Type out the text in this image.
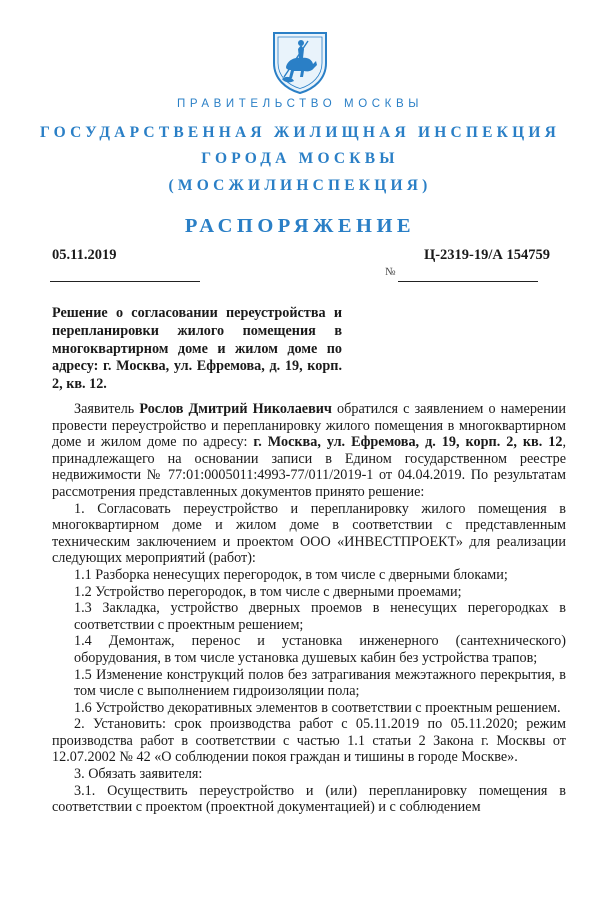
ПРАВИТЕЛЬСТВО МОСКВЫ
ГОСУДАРСТВЕННАЯ ЖИЛИЩНАЯ ИНСПЕКЦИЯ
ГОРОДА МОСКВЫ
(МОСЖИЛИНСПЕКЦИЯ)
РАСПОРЯЖЕНИЕ
05.11.2019	Ц-2319-19/А 154759
№
Решение о согласовании переустройства и перепланировки жилого помещения в многоквартирном доме и жилом доме по адресу: г. Москва, ул. Ефремова, д. 19, корп. 2, кв. 12.

Заявитель Рослов Дмитрий Николаевич обратился с заявлением о намерении провести переустройство и перепланировку жилого помещения в многоквартирном доме и жилом доме по адресу: г. Москва, ул. Ефремова, д. 19, корп. 2, кв. 12, принадлежащего на основании записи в Едином государственном реестре недвижимости № 77:01:0005011:4993-77/011/2019-1 от 04.04.2019. По результатам рассмотрения представленных документов принято решение:

1. Согласовать переустройство и перепланировку жилого помещения в многоквартирном доме и жилом доме в соответствии с представленным техническим заключением и проектом ООО «ИНВЕСТПРОЕКТ» для реализации следующих мероприятий (работ):

1.1 Разборка ненесущих перегородок, в том числе с дверными блоками;

1.2 Устройство перегородок, в том числе с дверными проемами;

1.3 Закладка, устройство дверных проемов в ненесущих перегородках в соответствии с проектным решением;

1.4 Демонтаж, перенос и установка инженерного (сантехнического) оборудования, в том числе установка душевых кабин без устройства трапов;

1.5 Изменение конструкций полов без затрагивания межэтажного перекрытия, в том числе с выполнением гидроизоляции пола;

1.6 Устройство декоративных элементов в соответствии с проектным решением.

2. Установить: срок производства работ с 05.11.2019 по 05.11.2020; режим производства работ в соответствии с частью 1.1 статьи 2 Закона г. Москвы от 12.07.2002 № 42 «О соблюдении покоя граждан и тишины в городе Москве».

3. Обязать заявителя:

3.1. Осуществить переустройство и (или) перепланировку помещения в соответствии с проектом (проектной документацией) и с соблюдением
